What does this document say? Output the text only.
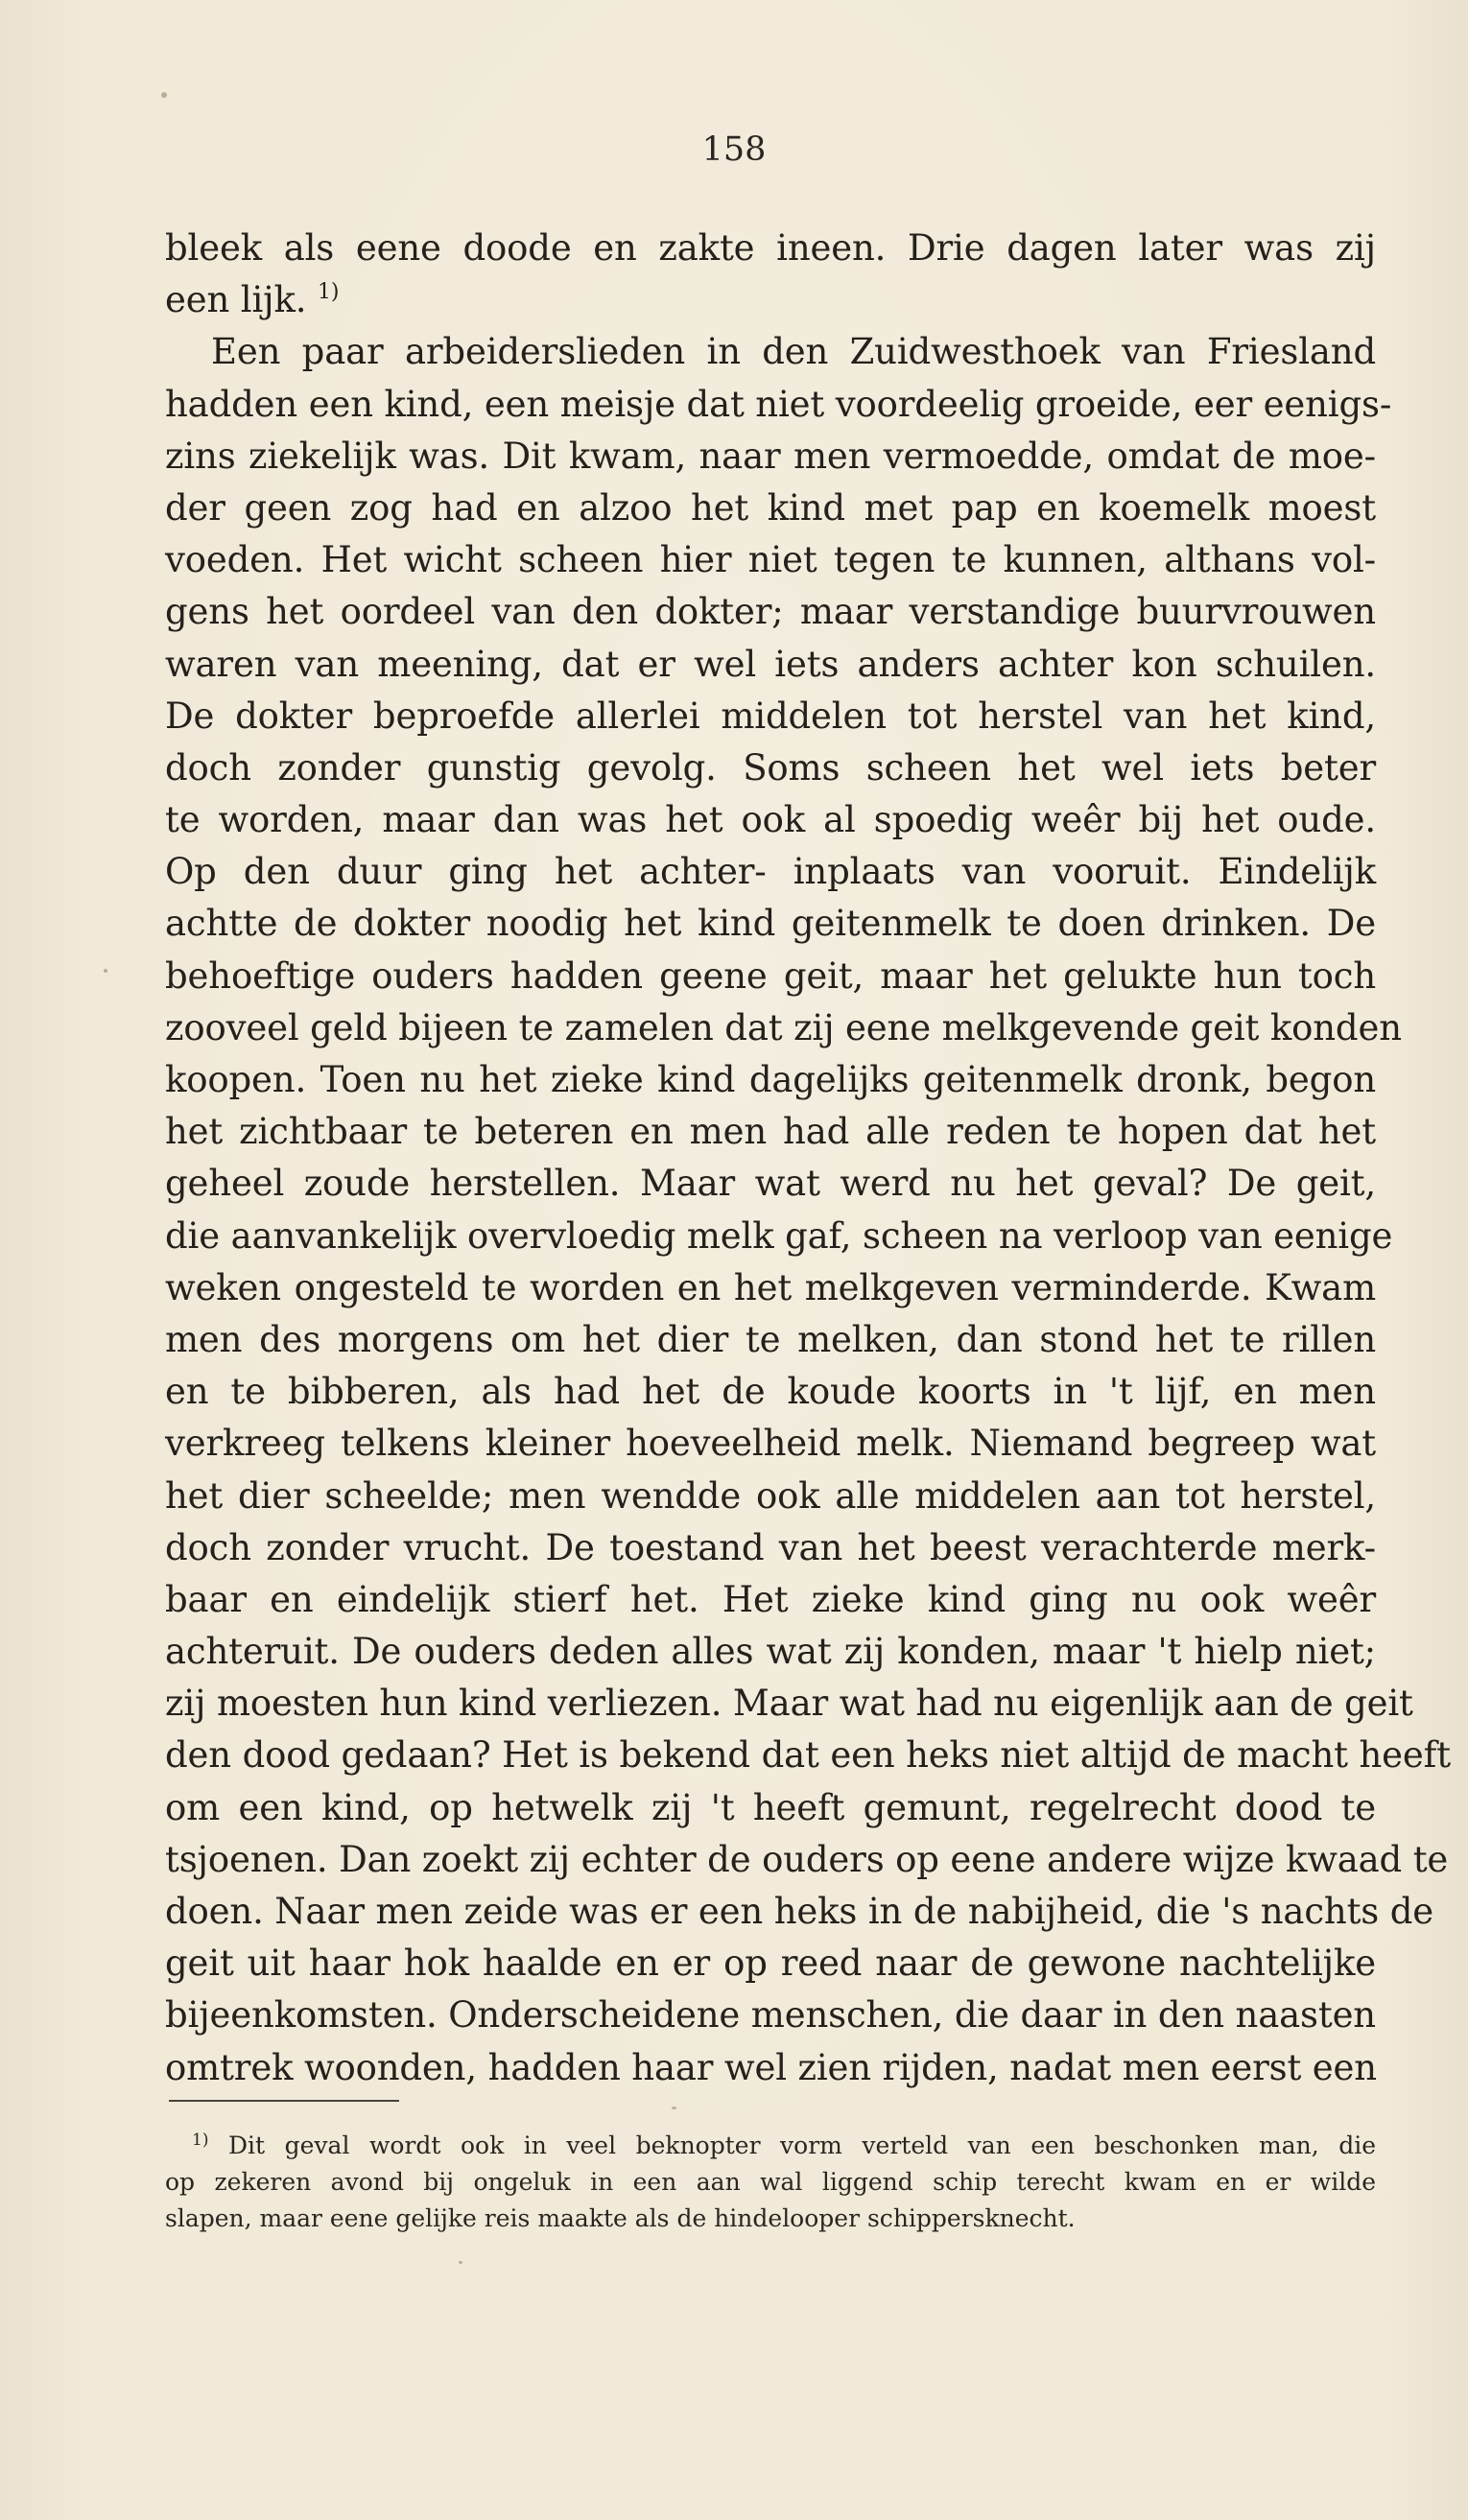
158
bleek als eene doode en zakte ineen. Drie dagen later was zij
een lijk. $^{1)}$
Een paar arbeiderslieden in den Zuidwesthoek van Friesland
hadden een kind, een meisje dat niet voordeelig groeide, eer eenigs-
zins ziekelijk was. Dit kwam, naar men vermoedde, omdat de moe-
der geen zog had en alzoo het kind met pap en koemelk moest
voeden. Het wicht scheen hier niet tegen te kunnen, althans vol-
gens het oordeel van den dokter; maar verstandige buurvrouwen
waren van meening, dat er wel iets anders achter kon schuilen.
De dokter beproefde allerlei middelen tot herstel van het kind,
doch zonder gunstig gevolg. Soms scheen het wel iets beter
te worden, maar dan was het ook al spoedig weêr bij het oude.
Op den duur ging het achter- inplaats van vooruit. Eindelijk
achtte de dokter noodig het kind geitenmelk te doen drinken. De
behoeftige ouders hadden geene geit, maar het gelukte hun toch
zooveel geld bijeen te zamelen dat zij eene melkgevende geit konden
koopen. Toen nu het zieke kind dagelijks geitenmelk dronk, begon
het zichtbaar te beteren en men had alle reden te hopen dat het
geheel zoude herstellen. Maar wat werd nu het geval? De geit,
die aanvankelijk overvloedig melk gaf, scheen na verloop van eenige
weken ongesteld te worden en het melkgeven verminderde. Kwam
men des morgens om het dier te melken, dan stond het te rillen
en te bibberen, als had het de koude koorts in 't lijf, en men
verkreeg telkens kleiner hoeveelheid melk. Niemand begreep wat
het dier scheelde; men wendde ook alle middelen aan tot herstel,
doch zonder vrucht. De toestand van het beest verachterde merk-
baar en eindelijk stierf het. Het zieke kind ging nu ook weêr
achteruit. De ouders deden alles wat zij konden, maar 't hielp niet;
zij moesten hun kind verliezen. Maar wat had nu eigenlijk aan de geit
den dood gedaan? Het is bekend dat een heks niet altijd de macht heeft
om een kind, op hetwelk zij 't heeft gemunt, regelrecht dood te
tsjoenen. Dan zoekt zij echter de ouders op eene andere wijze kwaad te
doen. Naar men zeide was er een heks in de nabijheid, die 's nachts de
geit uit haar hok haalde en er op reed naar de gewone nachtelijke
bijeenkomsten. Onderscheidene menschen, die daar in den naasten
omtrek woonden, hadden haar wel zien rijden, nadat men eerst een
$^{1)}$ Dit geval wordt ook in veel beknopter vorm verteld van een beschonken man, die
op zekeren avond bij ongeluk in een aan wal liggend schip terecht kwam en er wilde
slapen, maar eene gelijke reis maakte als de hindelooper schippersknecht.
